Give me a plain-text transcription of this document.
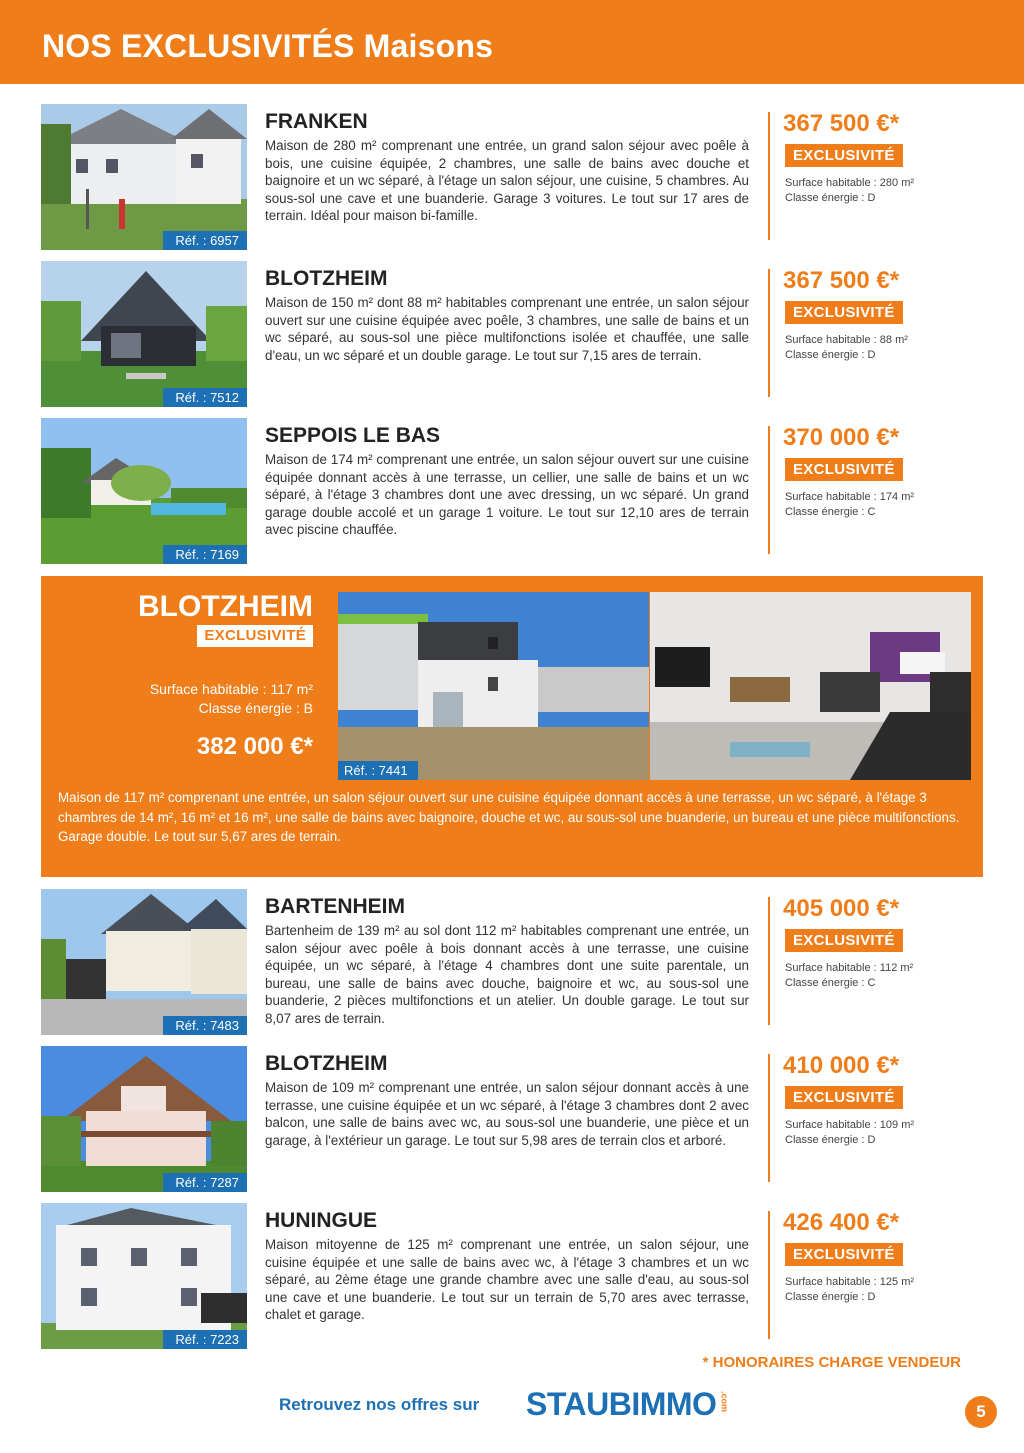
NOS EXCLUSIVITÉS Maisons
Réf. : 6957
FRANKEN
Maison de 280 m² comprenant une entrée, un grand salon séjour avec poêle à bois, une cuisine équipée, 2 chambres, une salle de bains avec douche et baignoire et un wc séparé, à l'étage un salon séjour, une cuisine, 5 chambres. Au sous-sol une cave et une buanderie. Garage 3 voitures. Le tout sur 17 ares de terrain. Idéal pour maison bi-famille.
367 500 €*
EXCLUSIVITÉ
Surface habitable : 280 m²
Classe énergie : D
Réf. : 7512
BLOTZHEIM
Maison de 150 m² dont 88 m² habitables comprenant une entrée, un salon séjour ouvert sur une cuisine équipée avec poêle, 3 chambres, une salle de bains et un wc séparé, au sous-sol une pièce multifonctions isolée et chauffée, une salle d'eau, un wc séparé et un double garage. Le tout sur 7,15 ares de terrain.
367 500 €*
EXCLUSIVITÉ
Surface habitable : 88 m²
Classe énergie : D
Réf. : 7169
SEPPOIS LE BAS
Maison de 174 m² comprenant une entrée, un salon séjour ouvert sur une cuisine équipée donnant accès à une terrasse, un cellier, une salle de bains et un wc séparé, à l'étage 3 chambres dont une avec dressing, un wc séparé. Un grand garage double accolé et un garage 1 voiture. Le tout sur 12,10 ares de terrain avec piscine chauffée.
370 000 €*
EXCLUSIVITÉ
Surface habitable : 174 m²
Classe énergie : C
BLOTZHEIM
EXCLUSIVITÉ
Surface habitable : 117 m²
Classe énergie : B
382 000 €*
Réf. : 7441
Maison de 117 m² comprenant une entrée, un salon séjour ouvert sur une cuisine équipée donnant accès à une terrasse, un wc séparé, à l'étage 3 chambres de 14 m², 16 m² et 16 m², une salle de bains avec baignoire, douche et wc, au sous-sol une buanderie, un bureau et une pièce multifonctions. Garage double. Le tout sur 5,67 ares de terrain.
Réf. : 7483
BARTENHEIM
Bartenheim de 139 m² au sol dont 112 m² habitables comprenant une entrée, un salon séjour avec poêle à bois donnant accès à une terrasse, une cuisine équipée, un wc séparé, à l'étage 4 chambres dont une suite parentale, un bureau, une salle de bains avec douche, baignoire et wc, au sous-sol une buanderie, 2 pièces multifonctions et un atelier. Un double garage. Le tout sur 8,07 ares de terrain.
405 000 €*
EXCLUSIVITÉ
Surface habitable : 112 m²
Classe énergie : C
Réf. : 7287
BLOTZHEIM
Maison de 109 m² comprenant une entrée, un salon séjour donnant accès à une terrasse, une cuisine équipée et un wc séparé, à l'étage 3 chambres dont 2 avec balcon, une salle de bains avec wc, au sous-sol une buanderie, une pièce et un garage, à l'extérieur un garage. Le tout sur 5,98 ares de terrain clos et arboré.
410 000 €*
EXCLUSIVITÉ
Surface habitable : 109 m²
Classe énergie : D
Réf. : 7223
HUNINGUE
Maison mitoyenne de 125 m² comprenant une entrée, un salon séjour, une cuisine équipée et une salle de bains avec wc, à l'étage 3 chambres et un wc séparé, au 2ème étage une grande chambre avec une salle d'eau, au sous-sol une cave et une buanderie. Le tout sur un terrain de 5,70 ares avec terrasse, chalet et garage.
426 400 €*
EXCLUSIVITÉ
Surface habitable : 125 m²
Classe énergie : D
* HONORAIRES CHARGE VENDEUR
Retrouvez nos offres sur STAUBIMMO .com	5
